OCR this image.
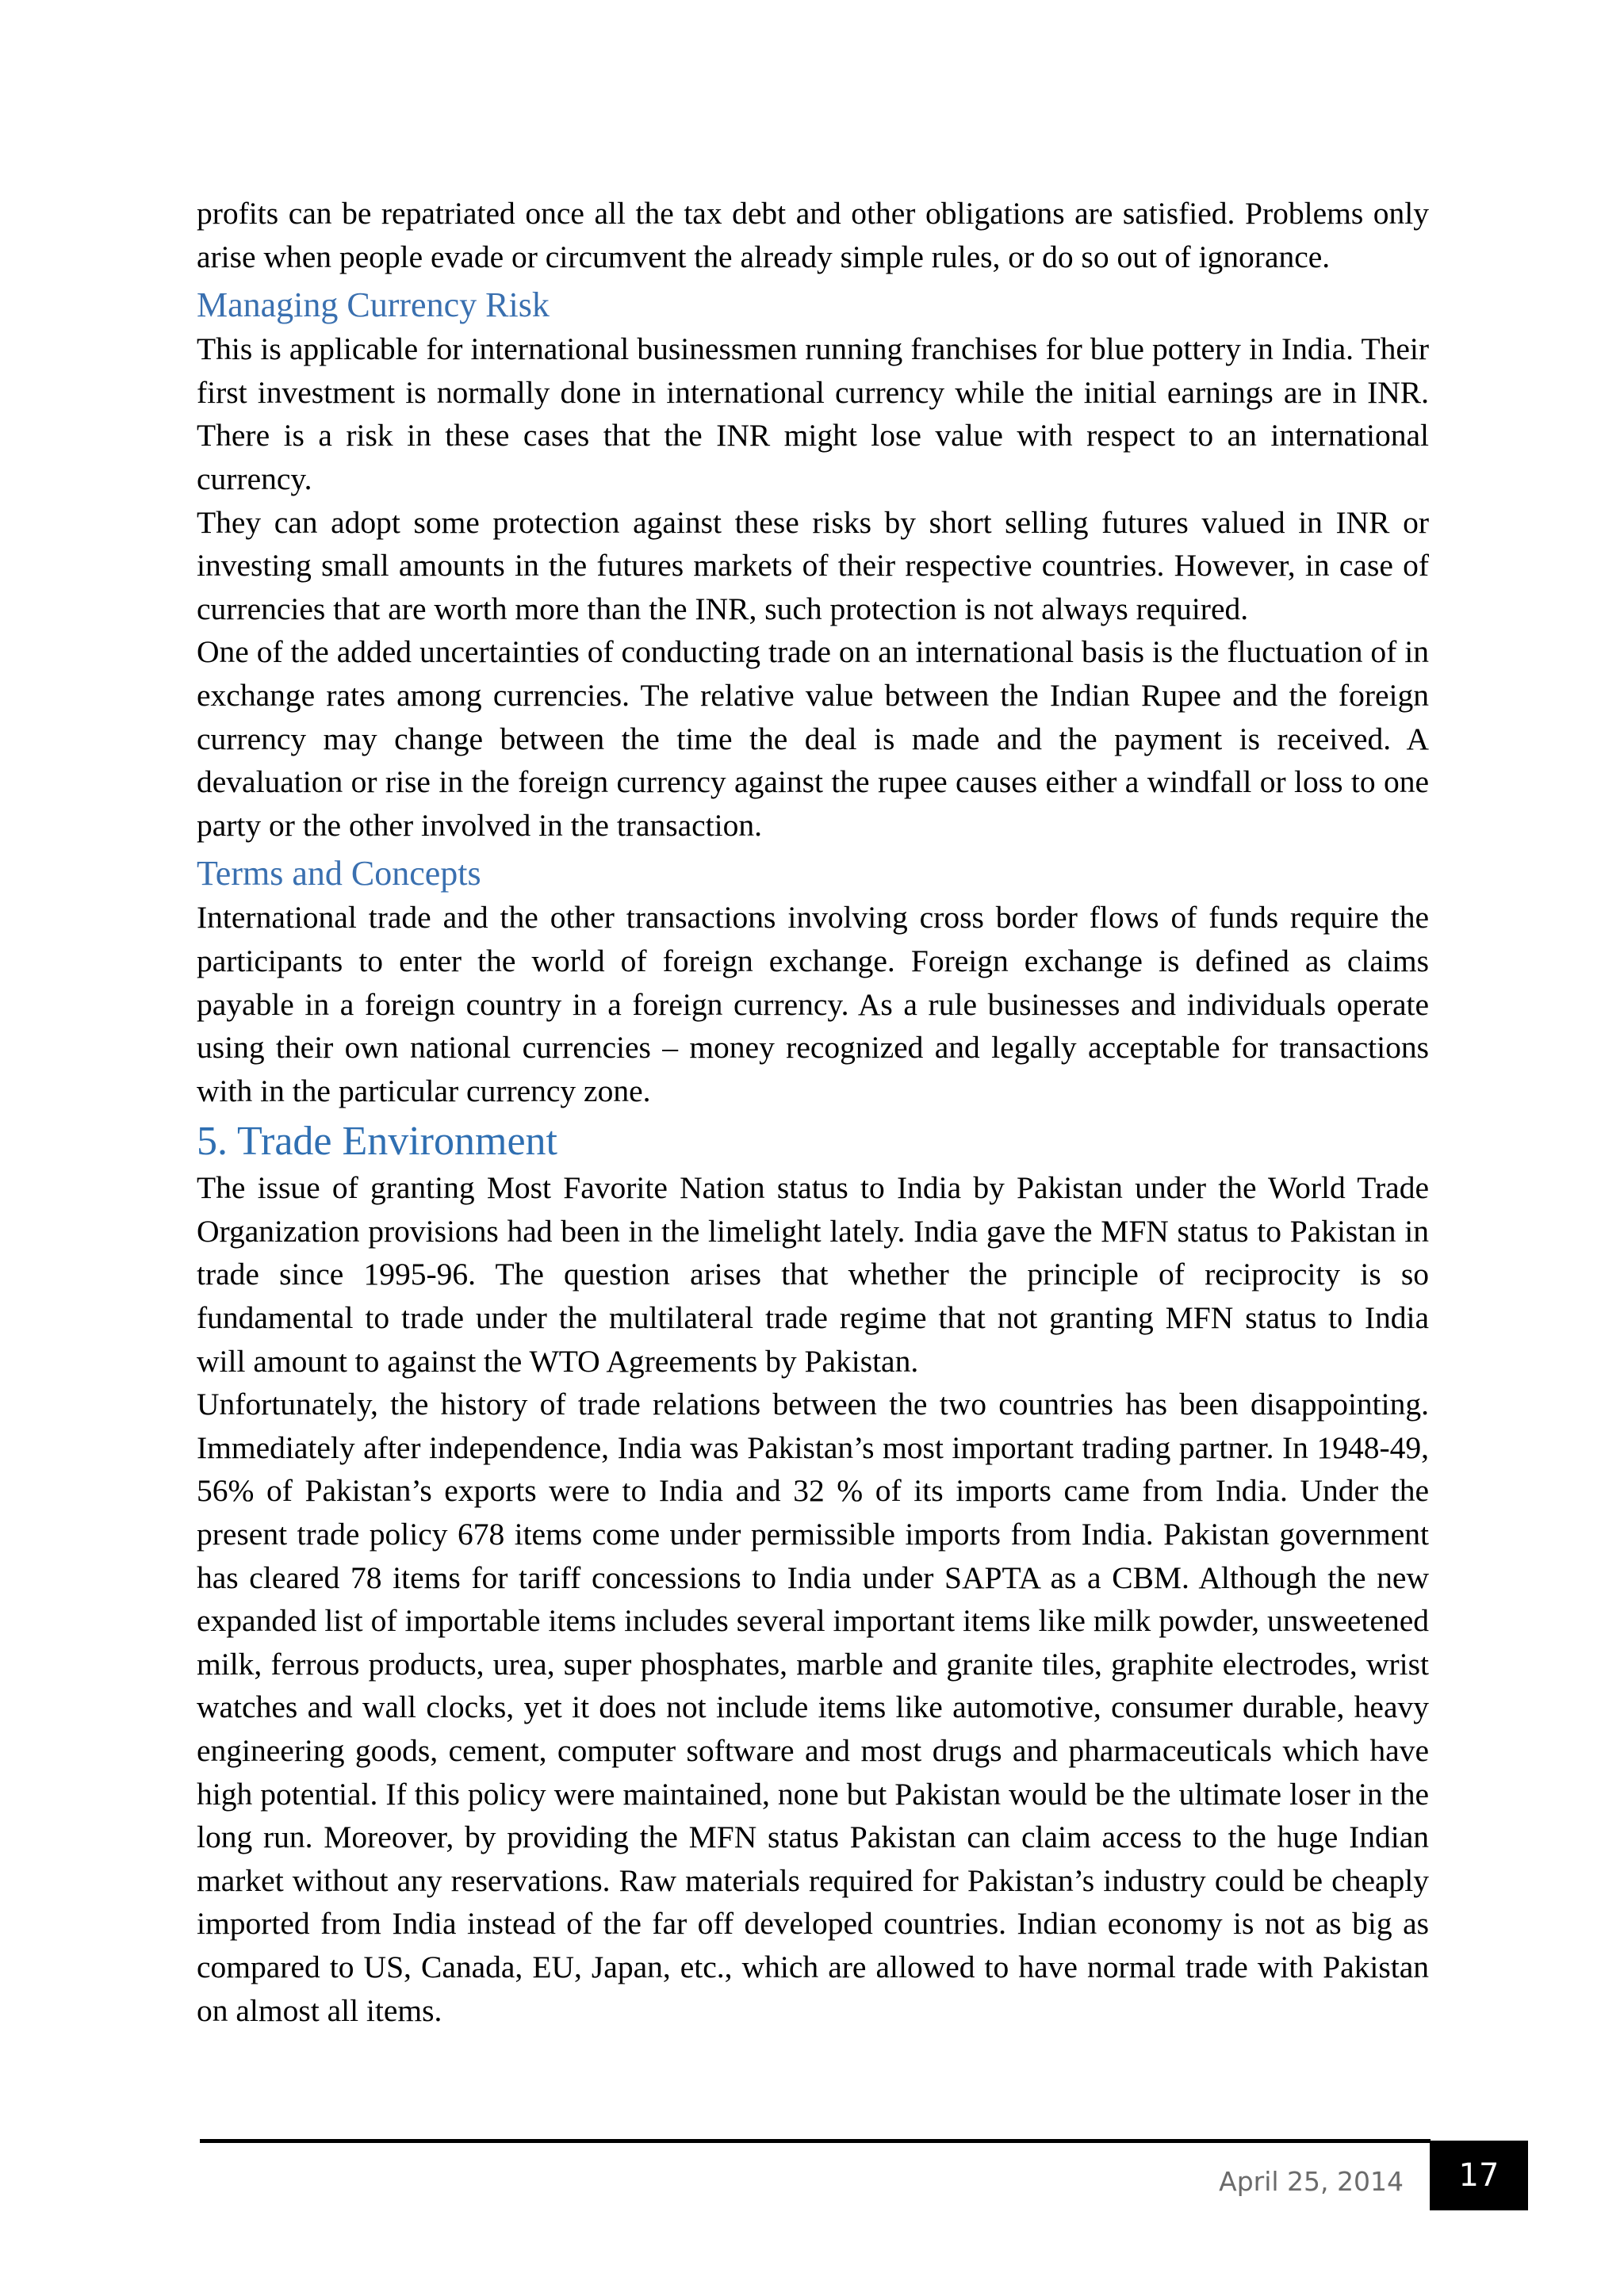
profits can be repatriated once all the tax debt and other obligations are satisfied. Problems only arise when people evade or circumvent the already simple rules, or do so out of ignorance.

Managing Currency Risk

This is applicable for international businessmen running franchises for blue pottery in India. Their first investment is normally done in international currency while the initial earnings are in INR. There is a risk in these cases that the INR might lose value with respect to an international currency.

They can adopt some protection against these risks by short selling futures valued in INR or investing small amounts in the futures markets of their respective countries. However, in case of currencies that are worth more than the INR, such protection is not always required.

One of the added uncertainties of conducting trade on an international basis is the fluctuation of in exchange rates among currencies. The relative value between the Indian Rupee and the foreign currency may change between the time the deal is made and the payment is received. A devaluation or rise in the foreign currency against the rupee causes either a windfall or loss to one party or the other involved in the transaction.

Terms and Concepts

International trade and the other transactions involving cross border flows of funds require the participants to enter the world of foreign exchange. Foreign exchange is defined as claims payable in a foreign country in a foreign currency. As a rule businesses and individuals operate using their own national currencies – money recognized and legally acceptable for transactions with in the particular currency zone.

5. Trade Environment

The issue of granting Most Favorite Nation status to India by Pakistan under the World Trade Organization provisions had been in the limelight lately. India gave the MFN status to Pakistan in trade since 1995-96. The question arises that whether the principle of reciprocity is so fundamental to trade under the multilateral trade regime that not granting MFN status to India will amount to against the WTO Agreements by Pakistan.

Unfortunately, the history of trade relations between the two countries has been disappointing. Immediately after independence, India was Pakistan’s most important trading partner. In 1948-49, 56% of Pakistan’s exports were to India and 32 % of its imports came from India. Under the present trade policy 678 items come under permissible imports from India. Pakistan government has cleared 78 items for tariff concessions to India under SAPTA as a CBM. Although the new expanded list of importable items includes several important items like milk powder, unsweetened milk, ferrous products, urea, super phosphates, marble and granite tiles, graphite electrodes, wrist watches and wall clocks, yet it does not include items like automotive, consumer durable, heavy engineering goods, cement, computer software and most drugs and pharmaceuticals which have high potential. If this policy were maintained, none but Pakistan would be the ultimate loser in the long run. Moreover, by providing the MFN status Pakistan can claim access to the huge Indian market without any reservations. Raw materials required for Pakistan’s industry could be cheaply imported from India instead of the far off developed countries. Indian economy is not as big as compared to US, Canada, EU, Japan, etc., which are allowed to have normal trade with Pakistan on almost all items.

April 25, 2014 17
